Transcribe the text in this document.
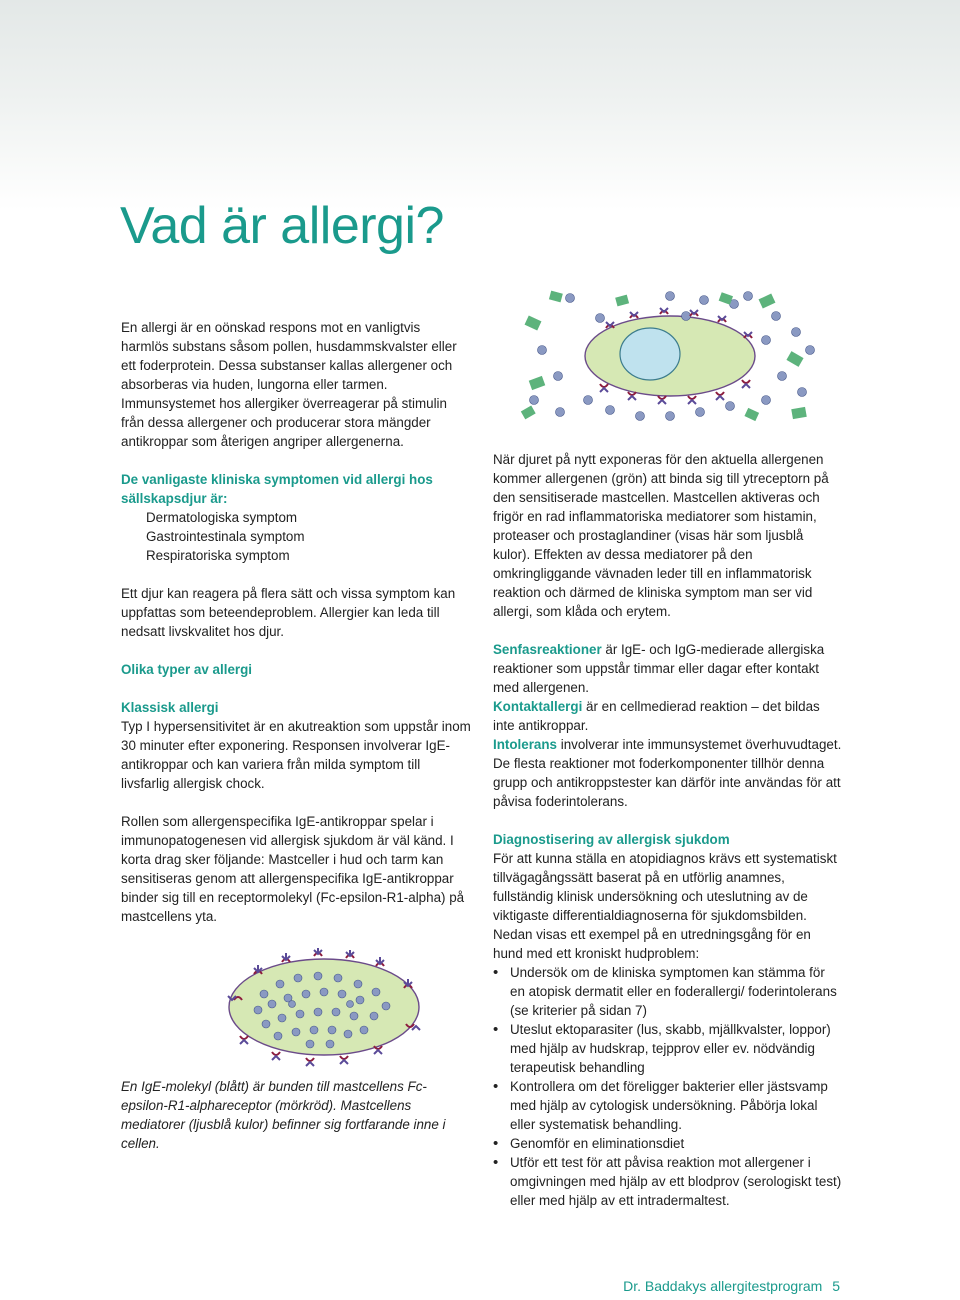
Vad är allergi?

En allergi är en oönskad respons mot en vanligtvis harmlös substans såsom pollen, husdammskvalster eller ett foderprotein. Dessa substanser kallas allergener och absorberas via huden, lungorna eller tarmen. Immunsystemet hos allergiker överreagerar på stimulin från dessa allergener och producerar stora mängder antikroppar som återigen angriper allergenerna.

De vanligaste kliniska symptomen vid allergi hos sällskapsdjur är:

Dermatologiska symptom

Gastrointestinala symptom

Respiratoriska symptom

Ett djur kan reagera på flera sätt och vissa symptom kan uppfattas som beteendeproblem. Allergier kan leda till nedsatt livskvalitet hos djur.

Olika typer av allergi

Klassisk allergi

Typ I hypersensitivitet är en akutreaktion som uppstår inom 30 minuter efter exponering. Responsen involverar IgE-antikroppar och kan variera från milda symptom till livsfarlig allergisk chock.

Rollen som allergenspecifika IgE-antikroppar spelar i immunopatogenesen vid allergisk sjukdom är väl känd. I korta drag sker följande: Mastceller i hud och tarm kan sensitiseras genom att allergenspecifika IgE-antikroppar binder sig till en receptormolekyl (Fc-epsilon-R1-alpha) på mastcellens yta.

En IgE-molekyl (blått) är bunden till mastcellens Fc-epsilon-R1-alphareceptor (mörkröd). Mastcellens mediatorer (ljusblå kulor) befinner sig fortfarande inne i cellen.

När djuret på nytt exponeras för den aktuella allergenen kommer allergenen (grön) att binda sig till ytreceptorn på den sensitiserade mastcellen. Mastcellen aktiveras och frigör en rad inflammatoriska mediatorer som histamin, proteaser och prostaglandiner (visas här som ljusblå kulor). Effekten av dessa mediatorer på den omkringliggande vävnaden leder till en inflammatorisk reaktion och därmed de kliniska symptom man ser vid allergi, som klåda och erytem.

Senfasreaktioner är IgE- och IgG-medierade allergiska reaktioner som uppstår timmar eller dagar efter kontakt med allergenen.

Kontaktallergi är en cellmedierad reaktion – det bildas inte antikroppar.

Intolerans involverar inte immunsystemet överhuvudtaget. De flesta reaktioner mot foderkomponenter tillhör denna grupp och antikroppstester kan därför inte användas för att påvisa foderintolerans.

Diagnostisering av allergisk sjukdom

För att kunna ställa en atopidiagnos krävs ett systematiskt tillvägagångssätt baserat på en utförlig anamnes, fullständig klinisk undersökning och uteslutning av de viktigaste differentialdiagnoserna för sjukdomsbilden.

Nedan visas ett exempel på en utredningsgång för en hund med ett kroniskt hudproblem:

• Undersök om de kliniska symptomen kan stämma för en atopisk dermatit eller en foderallergi/ foderintolerans (se kriterier på sidan 7)
• Uteslut ektoparasiter (lus, skabb, mjällkvalster, loppor) med hjälp av hudskrap, tejpprov eller ev. nödvändig terapeutisk behandling
• Kontrollera om det föreligger bakterier eller jästsvamp med hjälp av cytologisk undersökning. Påbörja lokal eller systematisk behandling.
• Genomför en eliminationsdiet
• Utför ett test för att påvisa reaktion mot allergener i omgivningen med hjälp av ett blodprov (serologiskt test) eller med hjälp av ett intradermaltest.
Dr. Baddakys allergitestprogram 5
